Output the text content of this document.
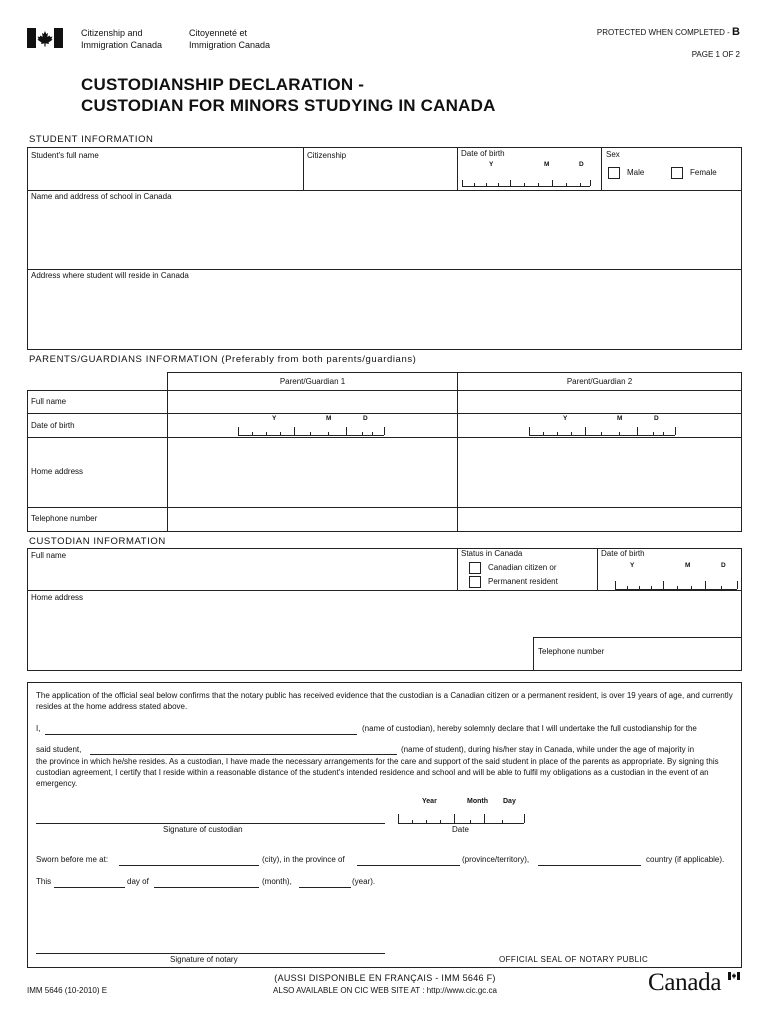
Citizenship and
Immigration Canada
Citoyenneté et
Immigration Canada
PROTECTED WHEN COMPLETED - B
PAGE 1 OF 2
CUSTODIANSHIP DECLARATION -
CUSTODIAN FOR MINORS STUDYING IN CANADA
STUDENT INFORMATION
Student's full name	Citizenship	Date of birth
Y	M	D
Sex
Male	Female
Name and address of school in Canada
Address where student will reside in Canada
PARENTS/GUARDIANS INFORMATION (Preferably from both parents/guardians)
Parent/Guardian 1	Parent/Guardian 2
Full name
Date of birth
Y	M	D	Y	M	D
Home address
Telephone number
CUSTODIAN INFORMATION
Full name	Status in Canada
Canadian citizen or
Permanent resident
Date of birth
Y	M	D
Home address
Telephone number
The application of the official seal below confirms that the notary public has received evidence that the custodian is a Canadian citizen or a permanent resident, is over 19 years of age, and currently resides at the home address stated above.
I,	(name of custodian), hereby solemnly declare that I will undertake the full custodianship for the
said student,	(name of student), during his/her stay in Canada, while under the age of majority in
the province in which he/she resides. As a custodian, I have made the necessary arrangements for the care and support of the said student in place of the parents as appropriate. By signing this custodian agreement, I certify that I reside within a reasonable distance of the student's intended residence and school and will be able to fulfil my obligations as a custodian in the event of an emergency.
Year	Month Day
Signature of custodian	Date
Sworn before me at:	(city), in the province of	(province/territory),	country (if applicable).
This	day of	(month),	(year).
Signature of notary	OFFICIAL SEAL OF NOTARY PUBLIC
IMM 5646 (10-2010) E
(AUSSI DISPONIBLE EN FRANÇAIS - IMM 5646 F)
ALSO AVAILABLE ON CIC WEB SITE AT : http://www.cic.gc.ca	Canada
